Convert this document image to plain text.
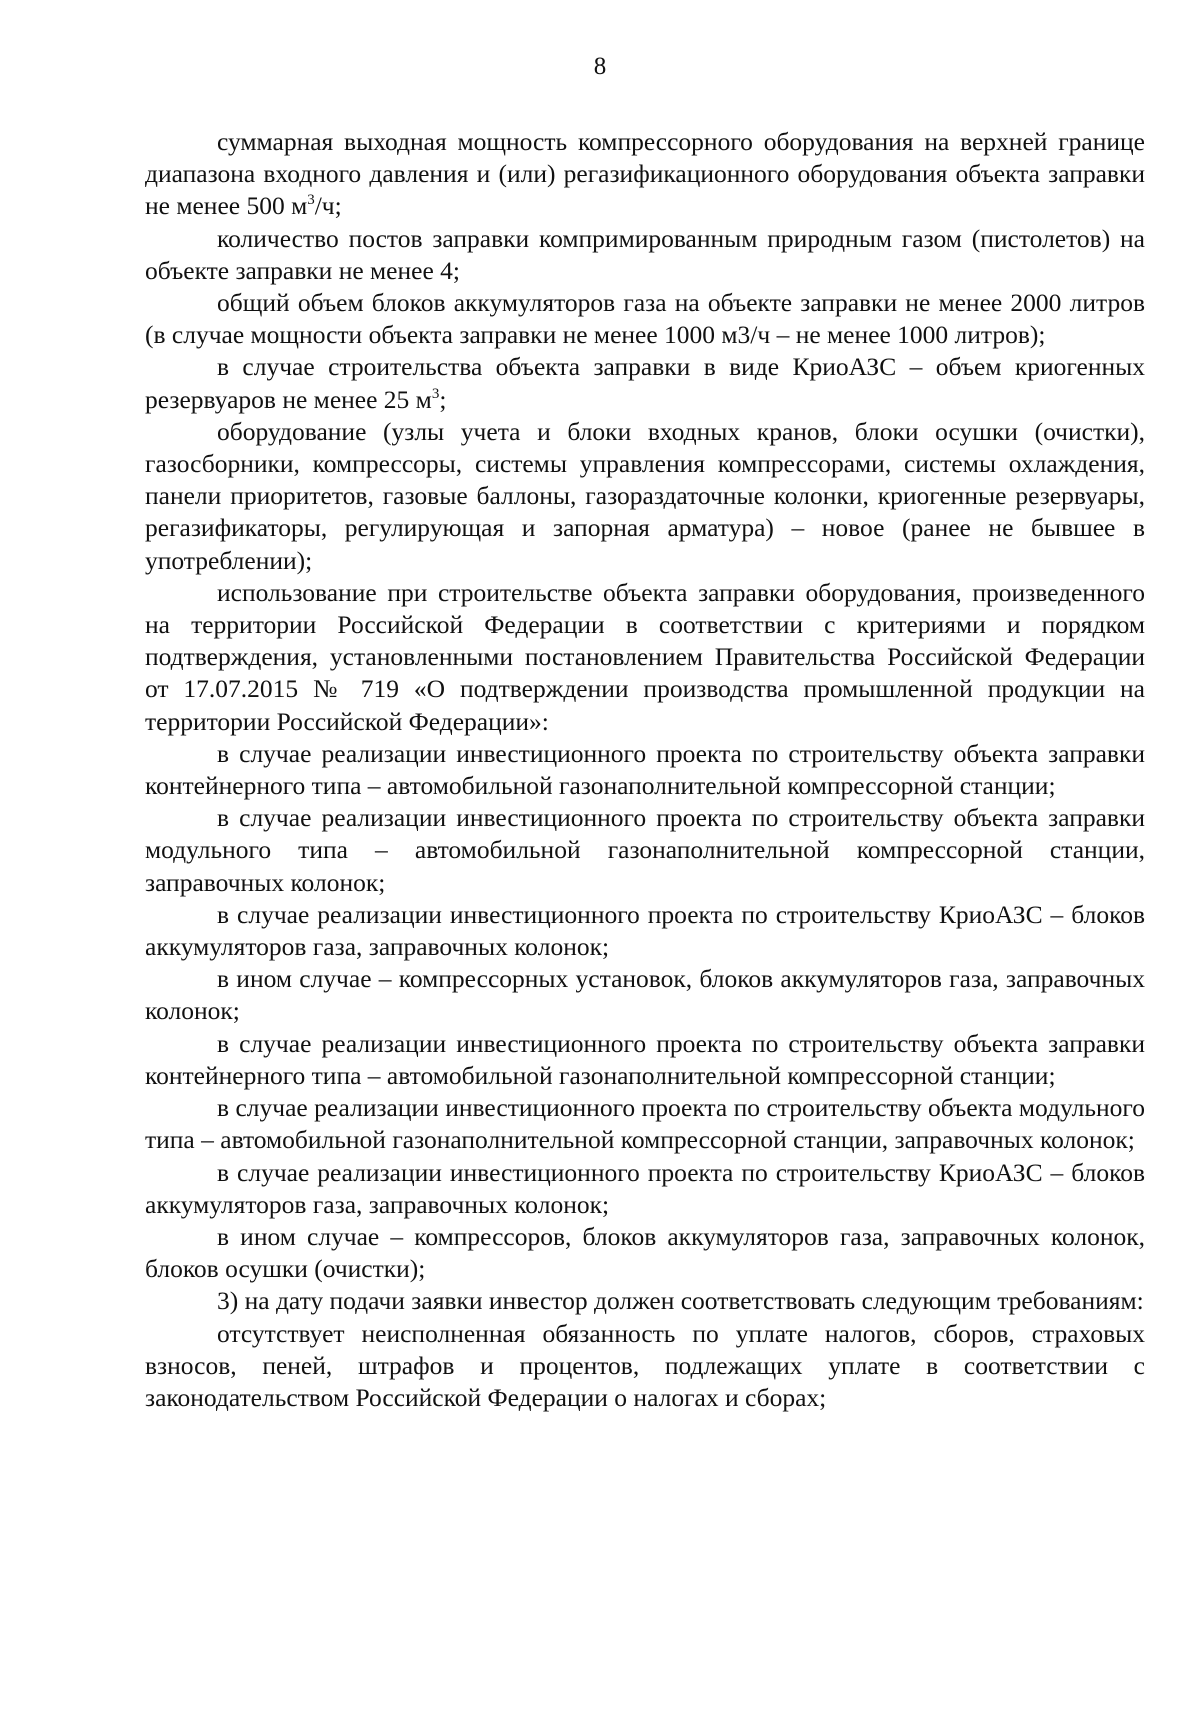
8

суммарная выходная мощность компрессорного оборудования на верхней границе диапазона входного давления и (или) регазификационного оборудования объекта заправки не менее 500 $м^3/ч$;

количество постов заправки компримированным природным газом (пистолетов) на объекте заправки не менее 4;

общий объем блоков аккумуляторов газа на объекте заправки не менее 2000 литров (в случае мощности объекта заправки не менее 1000 м3/ч – не менее 1000 литров);

в случае строительства объекта заправки в виде КриоАЗС – объем криогенных резервуаров не менее 25 $м^3$;

оборудование (узлы учета и блоки входных кранов, блоки осушки (очистки), газосборники, компрессоры, системы управления компрессорами, системы охлаждения, панели приоритетов, газовые баллоны, газораздаточные колонки, криогенные резервуары, регазификаторы, регулирующая и запорная арматура) – новое (ранее не бывшее в употреблении);

использование при строительстве объекта заправки оборудования, произведенного на территории Российской Федерации в соответствии с критериями и порядком подтверждения, установленными постановлением Правительства Российской Федерации от 17.07.2015 № 719 «О подтверждении производства промышленной продукции на территории Российской Федерации»:

в случае реализации инвестиционного проекта по строительству объекта заправки контейнерного типа – автомобильной газонаполнительной компрессорной станции;

в случае реализации инвестиционного проекта по строительству объекта заправки модульного типа – автомобильной газонаполнительной компрессорной станции, заправочных колонок;

в случае реализации инвестиционного проекта по строительству КриоАЗС – блоков аккумуляторов газа, заправочных колонок;

в ином случае – компрессорных установок, блоков аккумуляторов газа, заправочных колонок;

в случае реализации инвестиционного проекта по строительству объекта заправки контейнерного типа – автомобильной газонаполнительной компрессорной станции;

в случае реализации инвестиционного проекта по строительству объекта модульного типа – автомобильной газонаполнительной компрессорной станции, заправочных колонок;

в случае реализации инвестиционного проекта по строительству КриоАЗС – блоков аккумуляторов газа, заправочных колонок;

в ином случае – компрессоров, блоков аккумуляторов газа, заправочных колонок, блоков осушки (очистки);

3) на дату подачи заявки инвестор должен соответствовать следующим требованиям:

отсутствует неисполненная обязанность по уплате налогов, сборов, страховых взносов, пеней, штрафов и процентов, подлежащих уплате в соответствии с законодательством Российской Федерации о налогах и сборах;
